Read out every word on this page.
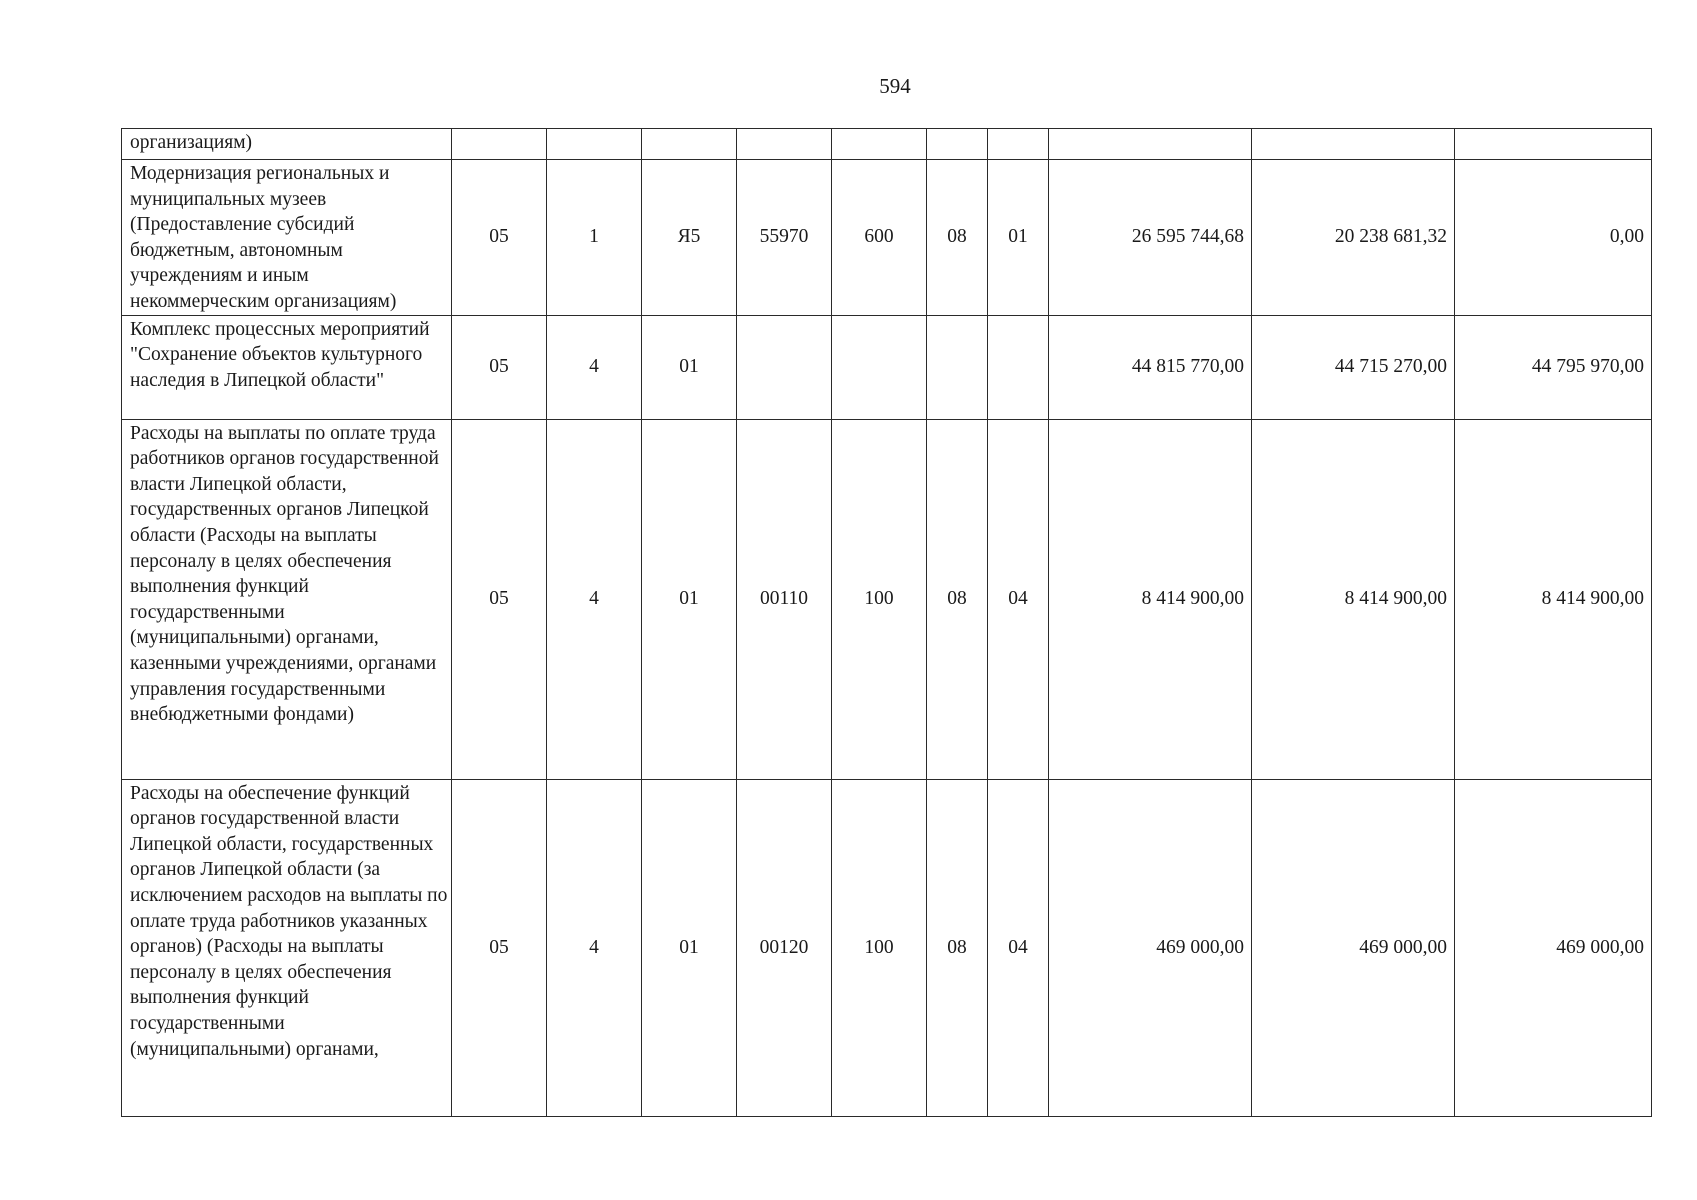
594
организациям)										
Модернизация региональных и муниципальных музеев (Предоставление субсидий бюджетным, автономным учреждениям и иным некоммерческим организациям)	05	1	Я5	55970	600	08	01	26 595 744,68	20 238 681,32	0,00
Комплекс процессных мероприятий "Сохранение объектов культурного наследия в Липецкой области"	05	4	01					44 815 770,00	44 715 270,00	44 795 970,00
Расходы на выплаты по оплате труда работников органов государственной власти Липецкой области, государственных органов Липецкой области (Расходы на выплаты персоналу в целях обеспечения выполнения функций государственными (муниципальными) органами, казенными учреждениями, органами управления государственными внебюджетными фондами)	05	4	01	00110	100	08	04	8 414 900,00	8 414 900,00	8 414 900,00
Расходы на обеспечение функций органов государственной власти Липецкой области, государственных органов Липецкой области (за исключением расходов на выплаты по оплате труда работников указанных органов) (Расходы на выплаты персоналу в целях обеспечения выполнения функций государственными (муниципальными) органами,	05	4	01	00120	100	08	04	469 000,00	469 000,00	469 000,00
